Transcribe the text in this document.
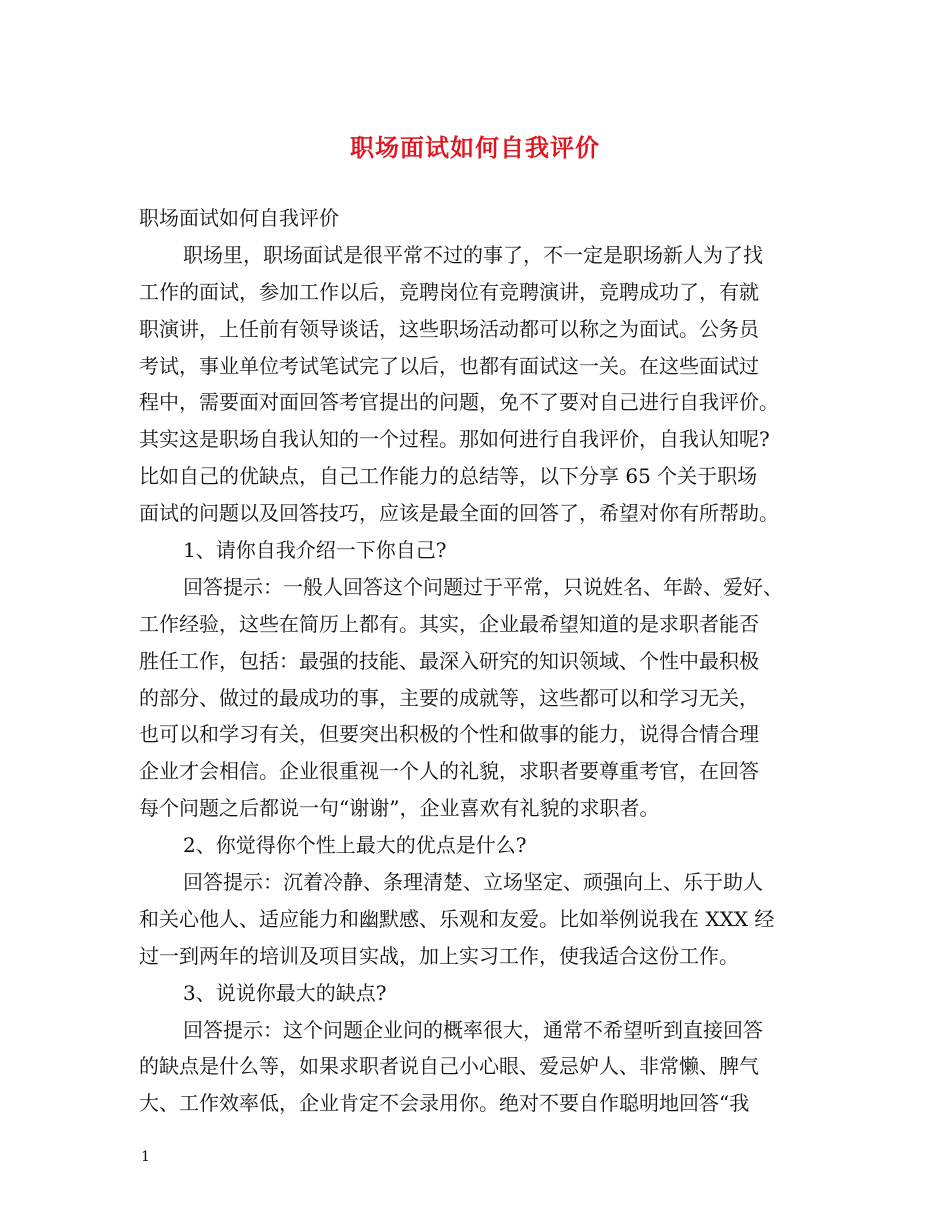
职场面试如何自我评价
职场面试如何自我评价
职场里，职场面试是很平常不过的事了，不一定是职场新人为了找
工作的面试，参加工作以后，竞聘岗位有竞聘演讲，竞聘成功了，有就
职演讲，上任前有领导谈话，这些职场活动都可以称之为面试。公务员
考试，事业单位考试笔试完了以后，也都有面试这一关。在这些面试过
程中，需要面对面回答考官提出的问题，免不了要对自己进行自我评价。
其实这是职场自我认知的一个过程。那如何进行自我评价，自我认知呢?
比如自己的优缺点，自己工作能力的总结等，以下分享 65 个关于职场
面试的问题以及回答技巧，应该是最全面的回答了，希望对你有所帮助。
1、请你自我介绍一下你自己?
回答提示：一般人回答这个问题过于平常，只说姓名、年龄、爱好、
工作经验，这些在简历上都有。其实，企业最希望知道的是求职者能否
胜任工作，包括：最强的技能、最深入研究的知识领域、个性中最积极
的部分、做过的最成功的事，主要的成就等，这些都可以和学习无关，
也可以和学习有关，但要突出积极的个性和做事的能力，说得合情合理
企业才会相信。企业很重视一个人的礼貌，求职者要尊重考官，在回答
每个问题之后都说一句“谢谢”，企业喜欢有礼貌的求职者。
2、你觉得你个性上最大的优点是什么?
回答提示：沉着冷静、条理清楚、立场坚定、顽强向上、乐于助人
和关心他人、适应能力和幽默感、乐观和友爱。比如举例说我在 XXX 经
过一到两年的培训及项目实战，加上实习工作，使我适合这份工作。
3、说说你最大的缺点?
回答提示：这个问题企业问的概率很大，通常不希望听到直接回答
的缺点是什么等，如果求职者说自己小心眼、爱忌妒人、非常懒、脾气
大、工作效率低，企业肯定不会录用你。绝对不要自作聪明地回答“我
1
